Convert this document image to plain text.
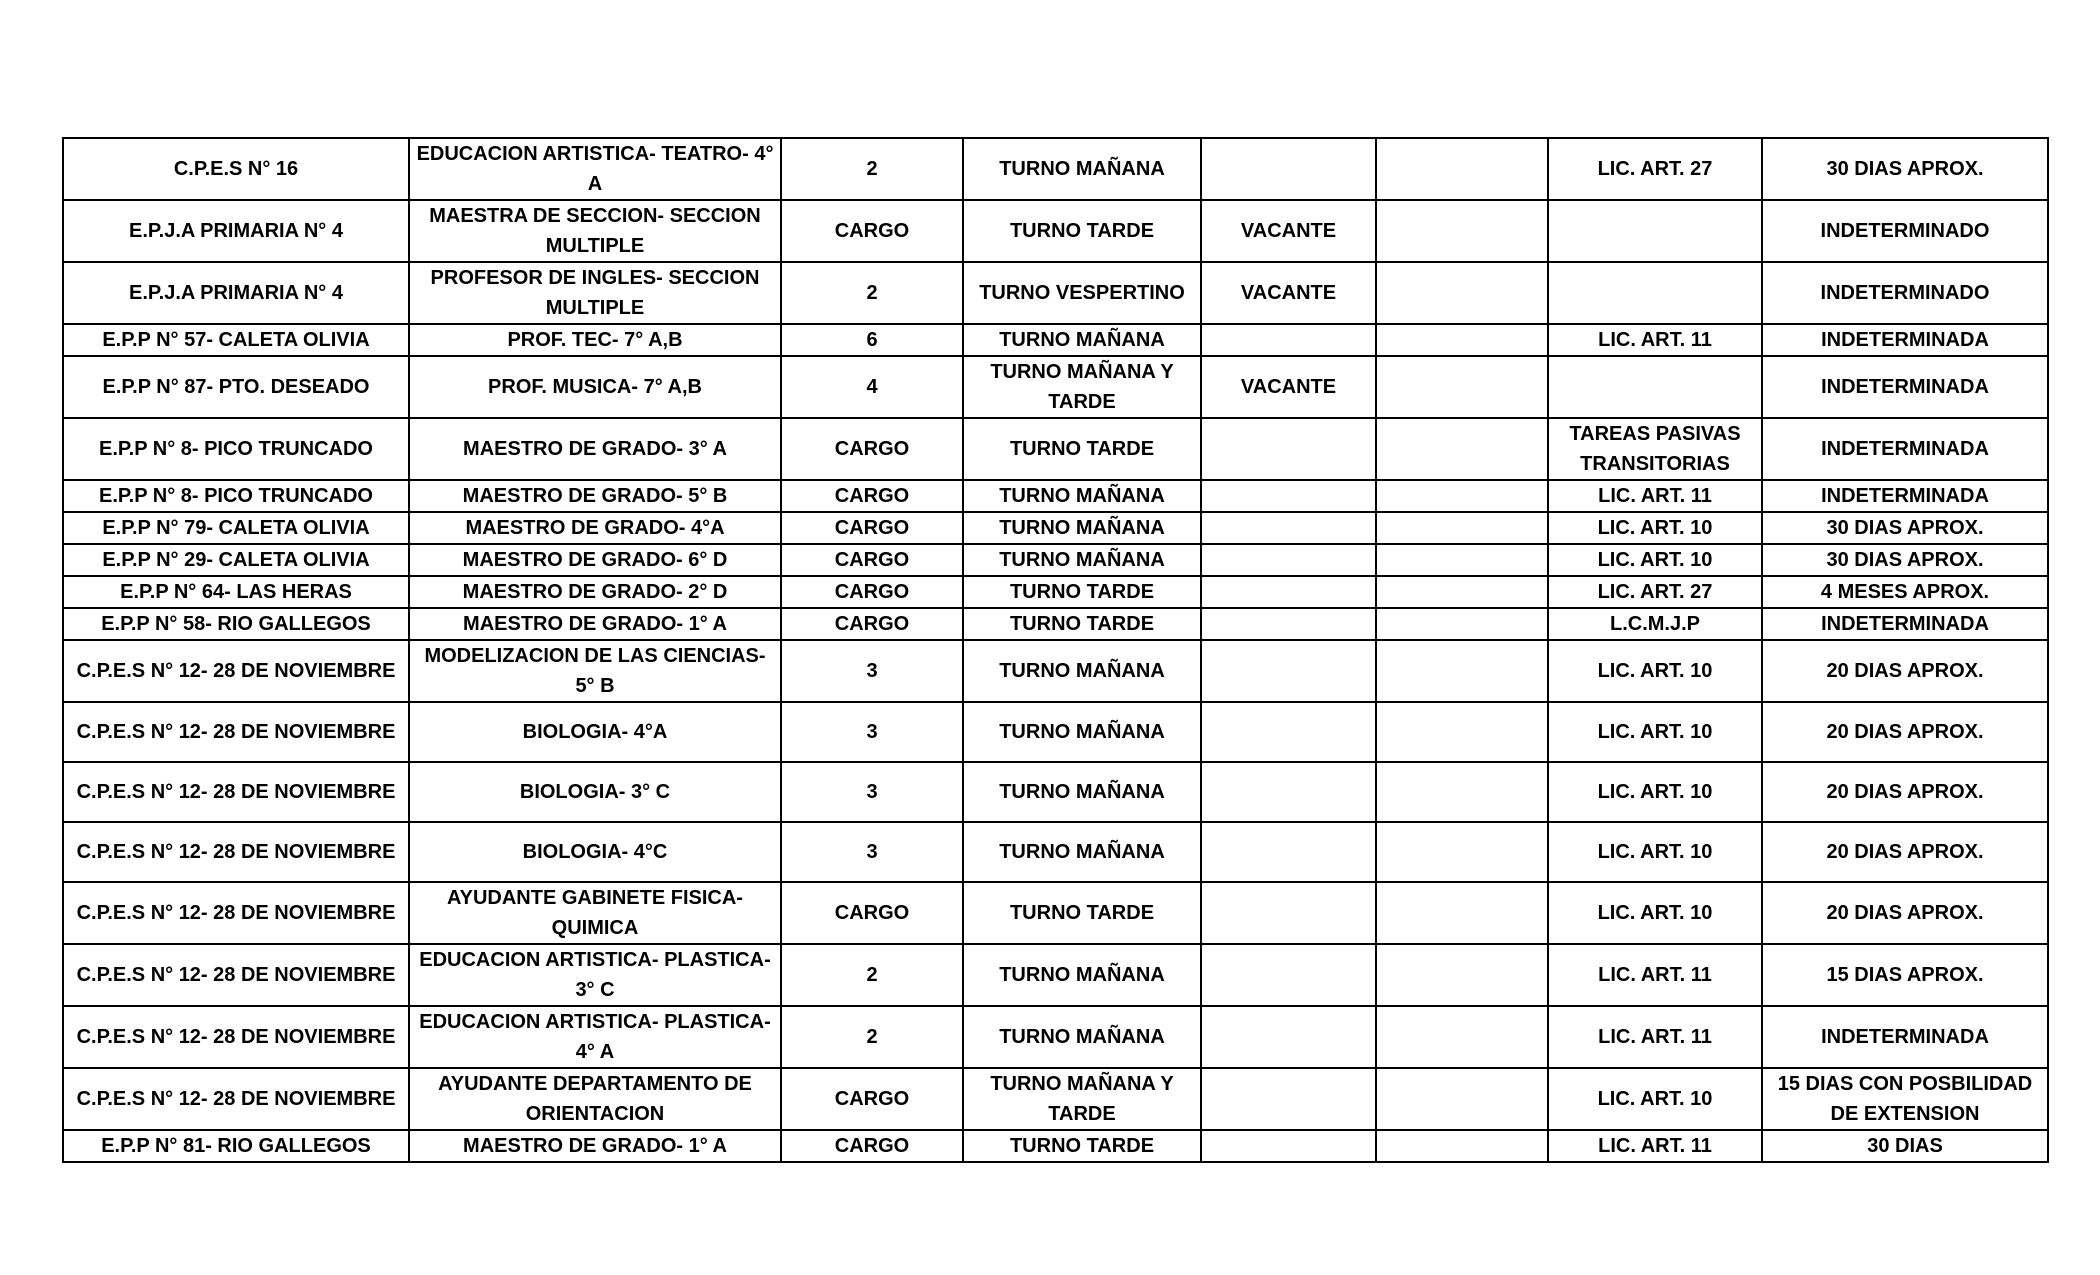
C.P.E.S N° 16	EDUCACION ARTISTICA- TEATRO- 4° A	2	TURNO MAÑANA			LIC. ART. 27	30 DIAS APROX.
E.P.J.A PRIMARIA N° 4	MAESTRA DE SECCION- SECCION MULTIPLE	CARGO	TURNO TARDE	VACANTE			INDETERMINADO
E.P.J.A PRIMARIA N° 4	PROFESOR DE INGLES- SECCION MULTIPLE	2	TURNO VESPERTINO	VACANTE			INDETERMINADO
E.P.P N° 57- CALETA OLIVIA	PROF. TEC- 7° A,B	6	TURNO MAÑANA			LIC. ART. 11	INDETERMINADA
E.P.P N° 87- PTO. DESEADO	PROF. MUSICA- 7° A,B	4	TURNO MAÑANA Y TARDE	VACANTE			INDETERMINADA
E.P.P N° 8- PICO TRUNCADO	MAESTRO DE GRADO- 3° A	CARGO	TURNO TARDE			TAREAS PASIVAS TRANSITORIAS	INDETERMINADA
E.P.P N° 8- PICO TRUNCADO	MAESTRO DE GRADO- 5° B	CARGO	TURNO MAÑANA			LIC. ART. 11	INDETERMINADA
E.P.P N° 79- CALETA OLIVIA	MAESTRO DE GRADO- 4°A	CARGO	TURNO MAÑANA			LIC. ART. 10	30 DIAS APROX.
E.P.P N° 29- CALETA OLIVIA	MAESTRO DE GRADO- 6° D	CARGO	TURNO MAÑANA			LIC. ART. 10	30 DIAS APROX.
E.P.P N° 64- LAS HERAS	MAESTRO DE GRADO- 2° D	CARGO	TURNO TARDE			LIC. ART. 27	4 MESES APROX.
E.P.P N° 58- RIO GALLEGOS	MAESTRO DE GRADO- 1° A	CARGO	TURNO TARDE			L.C.M.J.P	INDETERMINADA
C.P.E.S N° 12- 28 DE NOVIEMBRE	MODELIZACION DE LAS CIENCIAS- 5° B	3	TURNO MAÑANA			LIC. ART. 10	20 DIAS APROX.
C.P.E.S N° 12- 28 DE NOVIEMBRE	BIOLOGIA- 4°A	3	TURNO MAÑANA			LIC. ART. 10	20 DIAS APROX.
C.P.E.S N° 12- 28 DE NOVIEMBRE	BIOLOGIA- 3° C	3	TURNO MAÑANA			LIC. ART. 10	20 DIAS APROX.
C.P.E.S N° 12- 28 DE NOVIEMBRE	BIOLOGIA- 4°C	3	TURNO MAÑANA			LIC. ART. 10	20 DIAS APROX.
C.P.E.S N° 12- 28 DE NOVIEMBRE	AYUDANTE GABINETE FISICA- QUIMICA	CARGO	TURNO TARDE			LIC. ART. 10	20 DIAS APROX.
C.P.E.S N° 12- 28 DE NOVIEMBRE	EDUCACION ARTISTICA- PLASTICA- 3° C	2	TURNO MAÑANA			LIC. ART. 11	15 DIAS APROX.
C.P.E.S N° 12- 28 DE NOVIEMBRE	EDUCACION ARTISTICA- PLASTICA- 4° A	2	TURNO MAÑANA			LIC. ART. 11	INDETERMINADA
C.P.E.S N° 12- 28 DE NOVIEMBRE	AYUDANTE DEPARTAMENTO DE ORIENTACION	CARGO	TURNO MAÑANA Y TARDE			LIC. ART. 10	15 DIAS CON POSBILIDAD DE EXTENSION
E.P.P N° 81- RIO GALLEGOS	MAESTRO DE GRADO- 1° A	CARGO	TURNO TARDE			LIC. ART. 11	30 DIAS
